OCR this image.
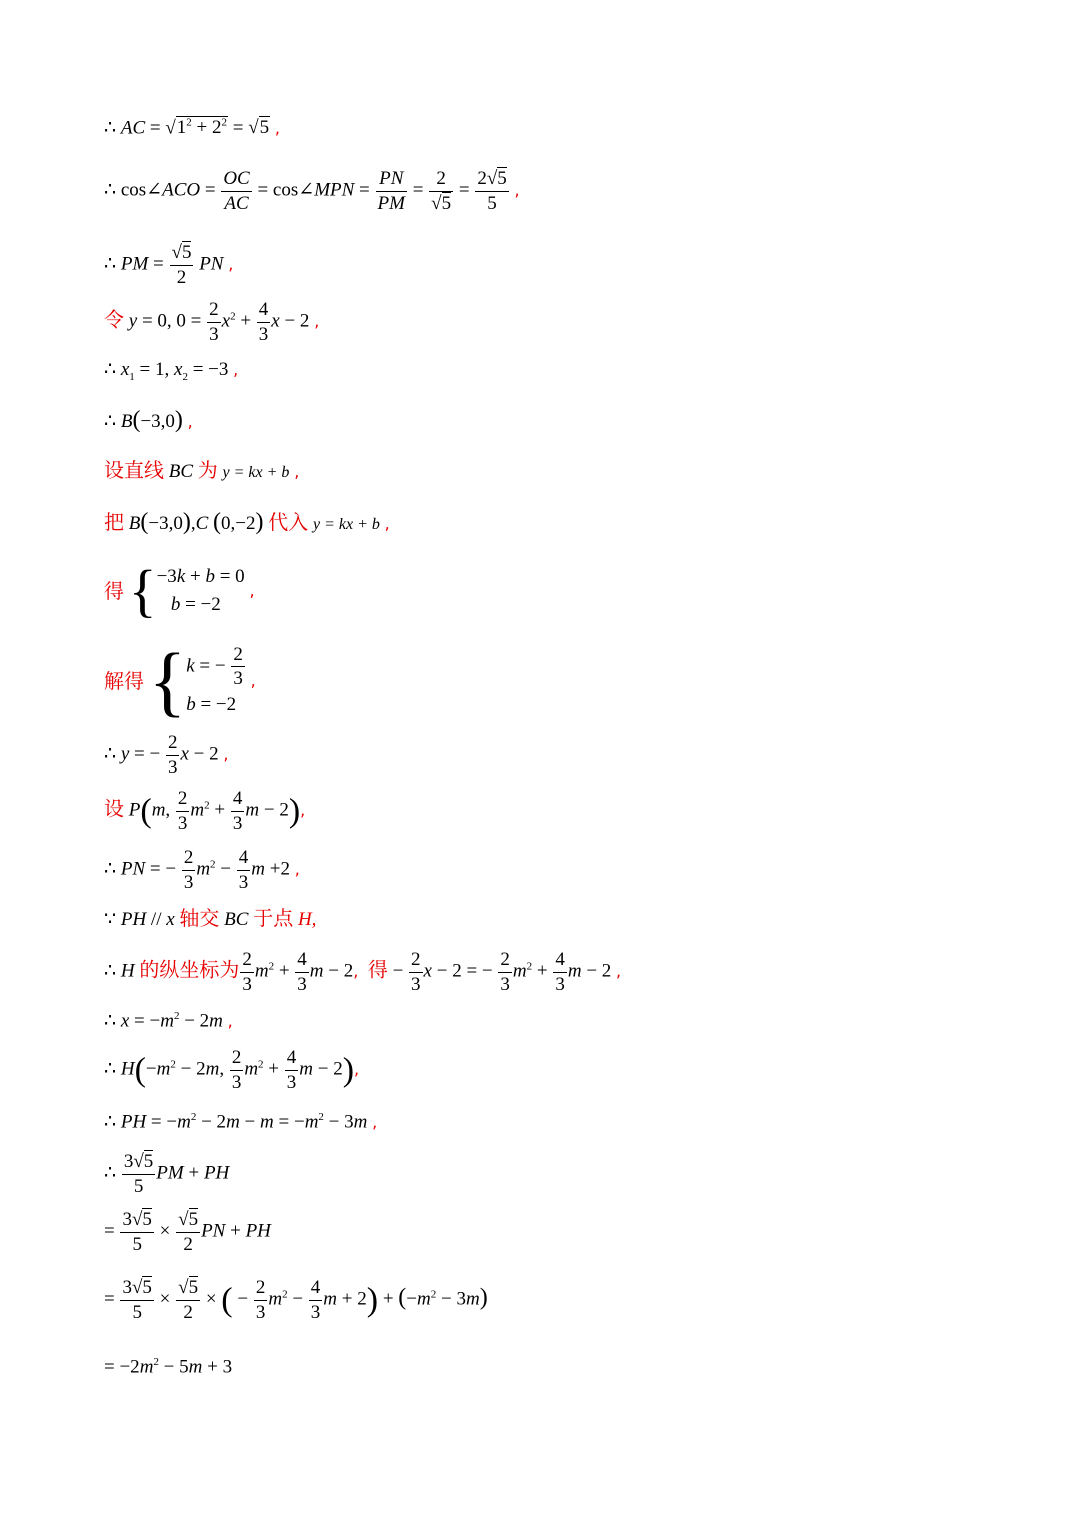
∴ AC = $√1^2 + 2^2 = √5$ ,
∴ cos∠ACO = $\frac{OC}{AC}$ = cos∠MPN = $\frac{PN}{PM} = \frac{2}{√5} = \frac{2√5}{5}$ ,
∴ PM = $\frac{√5}{2}$ PN ,
令 y = 0, $0 = \frac{2}{3} x^2 + \frac{4}{3}$ x − 2 ,
∴ $x_1 = 1$, $x_2 = -3$ ,
∴ B(−3,0) ,
设直线 BC 为 y = kx + b ,
把 B(−3,0),C (0,−2) 代入 y = kx + b ,
得 { −3k + b = 0
b = −2
,
解得 { k = − $\frac{2}{3}$
b = −2
,
∴ y = − $\frac{2}{3}$ x − 2 ,
设 P(m, $\frac{2}{3} m^2 + \frac{4}{3}$ m − 2),
∴ PN = − $\frac{2}{3} m^2 - \frac{4}{3}$ m +2 ,
∵ PH // x 轴交 BC 于点 H,
∴ H 的纵坐标为 $\frac{2}{3} m^2 + \frac{4}{3}$ m − 2, 得 − $\frac{2}{3}$ x − 2 = − $\frac{2}{3} m^2 + \frac{4}{3}$ m − 2 ,
∴ $x = -m^2 - 2m$ ,
∴ $H(-m^2 - 2m$, $\frac{2}{3} m^2 + \frac{4}{3}$ m − 2),
∴ PH = $-m^2 - 2m - m = -m^2 - 3m$ ,
∴ $\frac{3√5}{5}$ PM + PH
= $\frac{3√5}{5} \times \frac{√5}{2}$ PN + PH
= $\frac{3√5}{5} \times \frac{√5}{2}$ × ( − $\frac{2}{3} m^2 - \frac{4}{3}$ $m + 2) + (-m^2 - 3m)$
= $-2m^2 - 5m + 3$
